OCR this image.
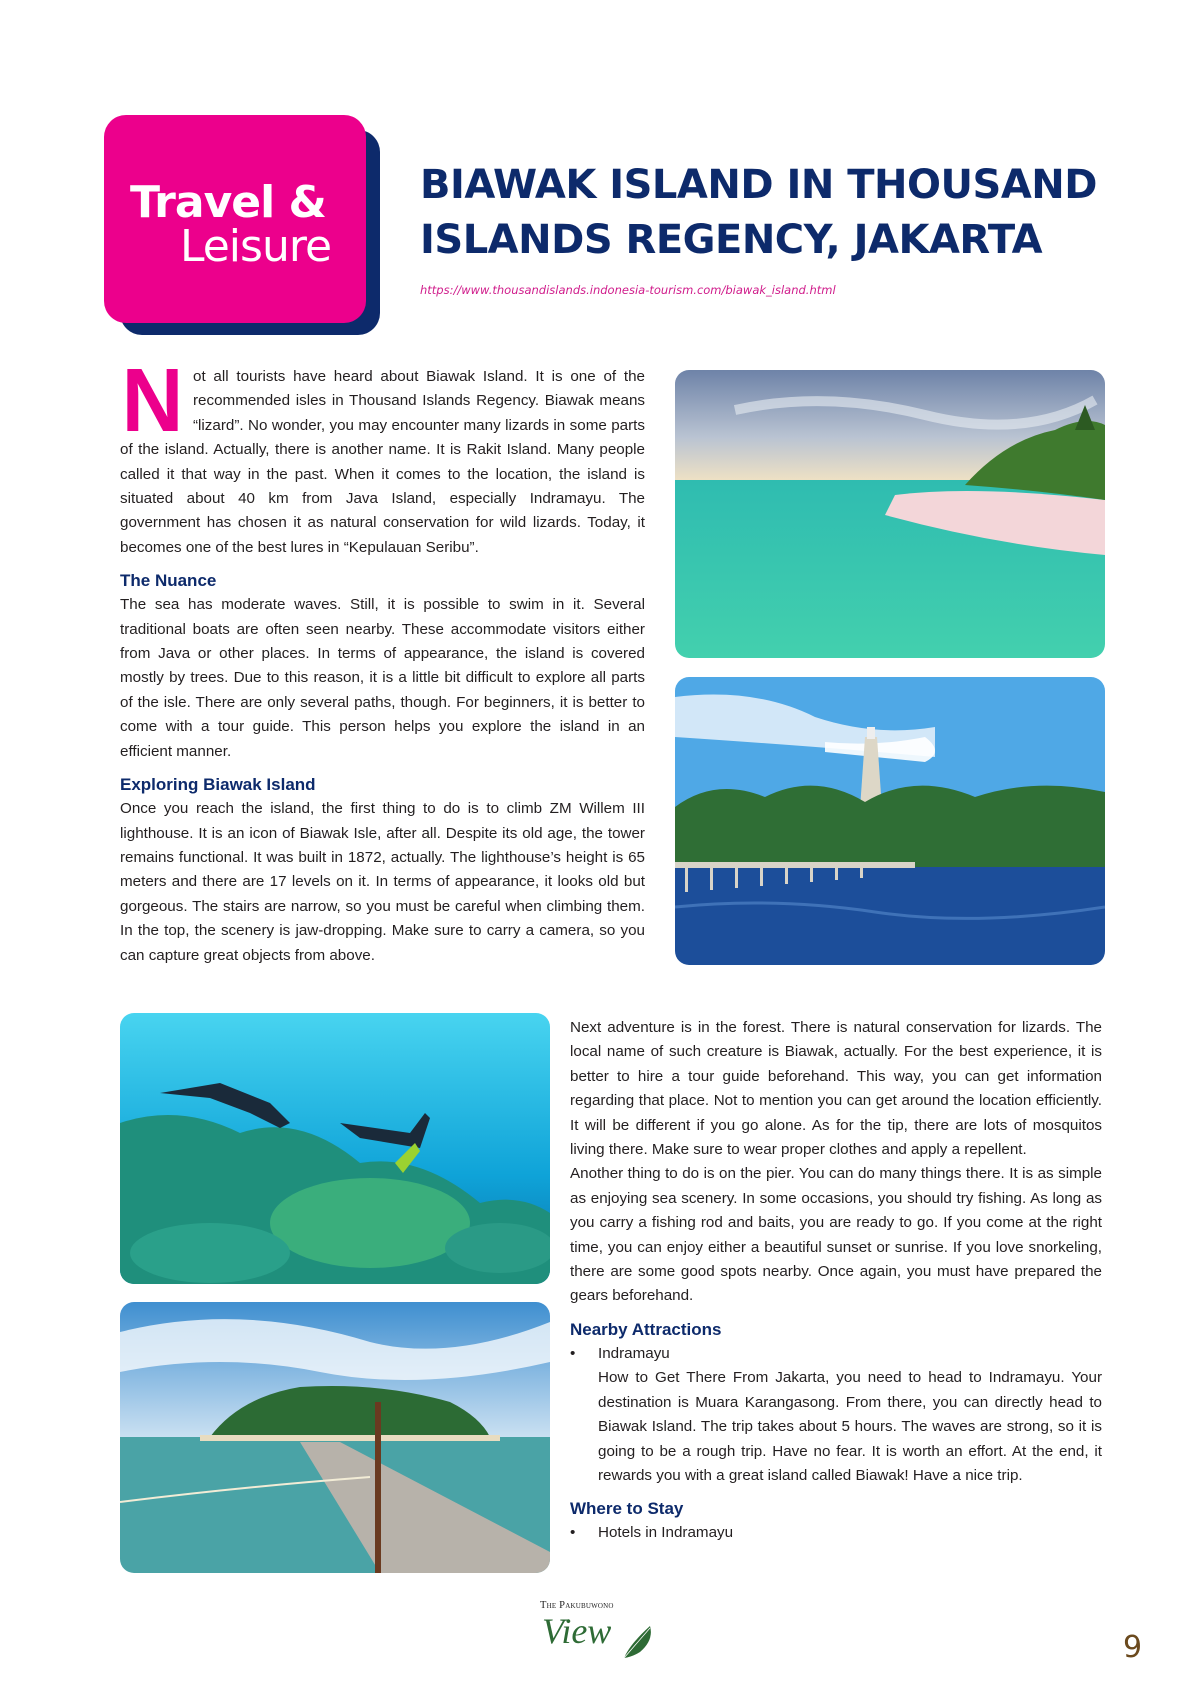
Travel &
Leisure
BIAWAK ISLAND IN THOUSAND ISLANDS REGENCY, JAKARTA
https://www.thousandislands.indonesia-tourism.com/biawak_island.html

Not all tourists have heard about Biawak Island. It is one of the recommended isles in Thousand Islands Regency. Biawak means “lizard”. No wonder, you may encounter many lizards in some parts of the island. Actually, there is another name. It is Rakit Island. Many people called it that way in the past. When it comes to the location, the island is situated about 40 km from Java Island, especially Indramayu. The government has chosen it as natural conservation for wild lizards. Today, it becomes one of the best lures in “Kepulauan Seribu”.

The Nuance

The sea has moderate waves. Still, it is possible to swim in it. Several traditional boats are often seen nearby. These accommodate visitors either from Java or other places. In terms of appearance, the island is covered mostly by trees. Due to this reason, it is a little bit difficult to explore all parts of the isle. There are only several paths, though. For beginners, it is better to come with a tour guide. This person helps you explore the island in an efficient manner.

Exploring Biawak Island

Once you reach the island, the first thing to do is to climb ZM Willem III lighthouse. It is an icon of Biawak Isle, after all. Despite its old age, the tower remains functional. It was built in 1872, actually. The lighthouse’s height is 65 meters and there are 17 levels on it. In terms of appearance, it looks old but gorgeous. The stairs are narrow, so you must be careful when climbing them. In the top, the scenery is jaw-dropping. Make sure to carry a camera, so you can capture great objects from above.

Next adventure is in the forest. There is natural conservation for lizards. The local name of such creature is Biawak, actually. For the best experience, it is better to hire a tour guide beforehand. This way, you can get information regarding that place. Not to mention you can get around the location efficiently. It will be different if you go alone. As for the tip, there are lots of mosquitos living there. Make sure to wear proper clothes and apply a repellent.

Another thing to do is on the pier. You can do many things there. It is as simple as enjoying sea scenery. In some occasions, you should try fishing. As long as you carry a fishing rod and baits, you are ready to go. If you come at the right time, you can enjoy either a beautiful sunset or sunrise. If you love snorkeling, there are some good spots nearby. Once again, you must have prepared the gears beforehand.

Nearby Attractions
• Indramayu

How to Get There From Jakarta, you need to head to Indramayu. Your destination is Muara Karangasong. From there, you can directly head to Biawak Island. The trip takes about 5 hours. The waves are strong, so it is going to be a rough trip. Have no fear. It is worth an effort. At the end, it rewards you with a great island called Biawak! Have a nice trip.

Where to Stay
• Hotels in Indramayu
The Pakubuwono
View	9
